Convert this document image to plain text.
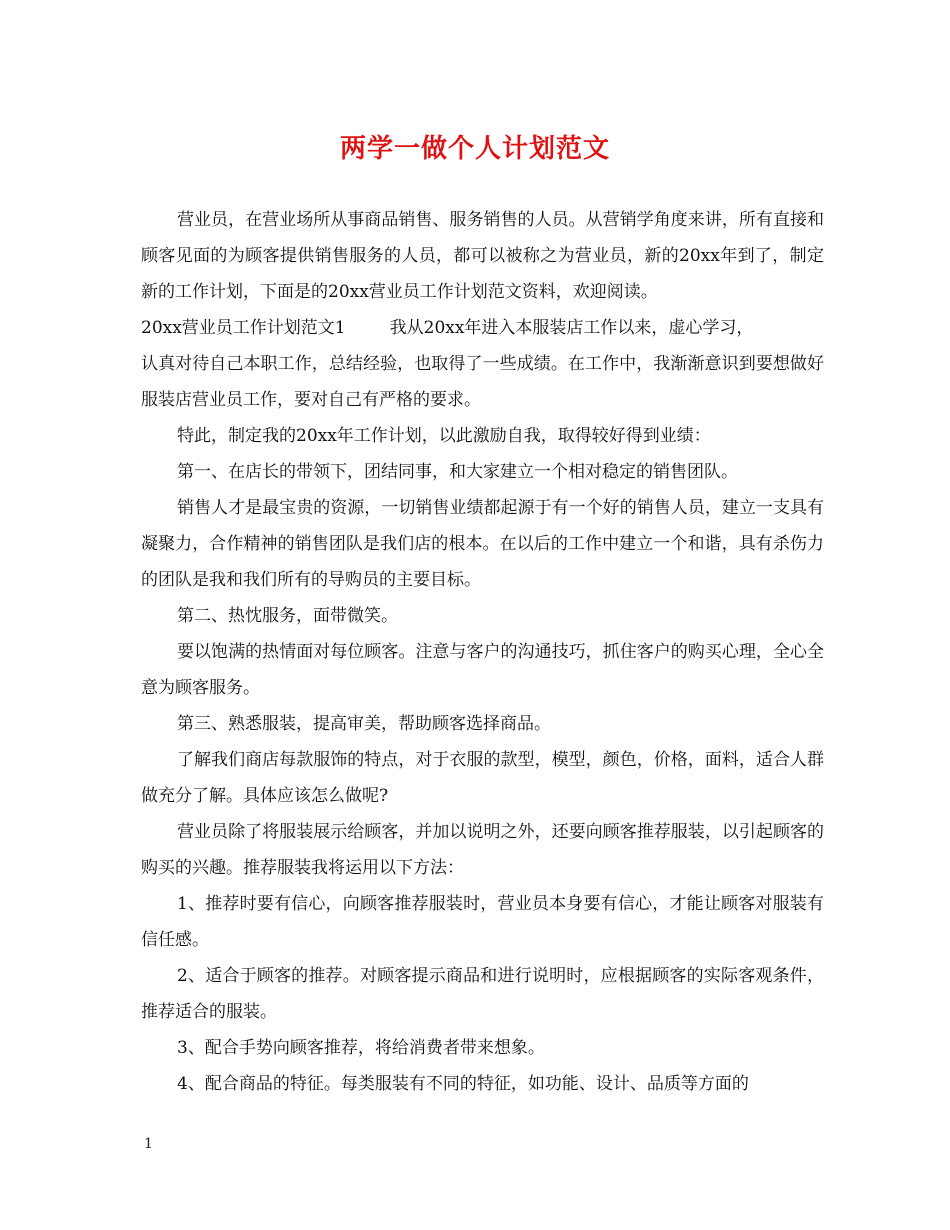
两学一做个人计划范文

营业员，在营业场所从事商品销售、服务销售的人员。从营销学角度来讲，所有直接和顾客见面的为顾客提供销售服务的人员，都可以被称之为营业员，新的20xx年到了，制定新的工作计划，下面是的20xx营业员工作计划范文资料，欢迎阅读。

20xx营业员工作计划范文1	我从20xx年进入本服装店工作以来，虚心学习，

认真对待自己本职工作，总结经验，也取得了一些成绩。在工作中，我渐渐意识到要想做好服装店营业员工作，要对自己有严格的要求。

特此，制定我的20xx年工作计划，以此激励自我，取得较好得到业绩：

第一、在店长的带领下，团结同事，和大家建立一个相对稳定的销售团队。

销售人才是最宝贵的资源，一切销售业绩都起源于有一个好的销售人员，建立一支具有凝聚力，合作精神的销售团队是我们店的根本。在以后的工作中建立一个和谐，具有杀伤力的团队是我和我们所有的导购员的主要目标。

第二、热忱服务，面带微笑。

要以饱满的热情面对每位顾客。注意与客户的沟通技巧，抓住客户的购买心理，全心全意为顾客服务。

第三、熟悉服装，提高审美，帮助顾客选择商品。

了解我们商店每款服饰的特点，对于衣服的款型，模型，颜色，价格，面料，适合人群做充分了解。具体应该怎么做呢?

营业员除了将服装展示给顾客，并加以说明之外，还要向顾客推荐服装，以引起顾客的购买的兴趣。推荐服装我将运用以下方法：

1、推荐时要有信心，向顾客推荐服装时，营业员本身要有信心，才能让顾客对服装有信任感。

2、适合于顾客的推荐。对顾客提示商品和进行说明时，应根据顾客的实际客观条件，推荐适合的服装。

3、配合手势向顾客推荐，将给消费者带来想象。

4、配合商品的特征。每类服装有不同的特征，如功能、设计、品质等方面的

1
